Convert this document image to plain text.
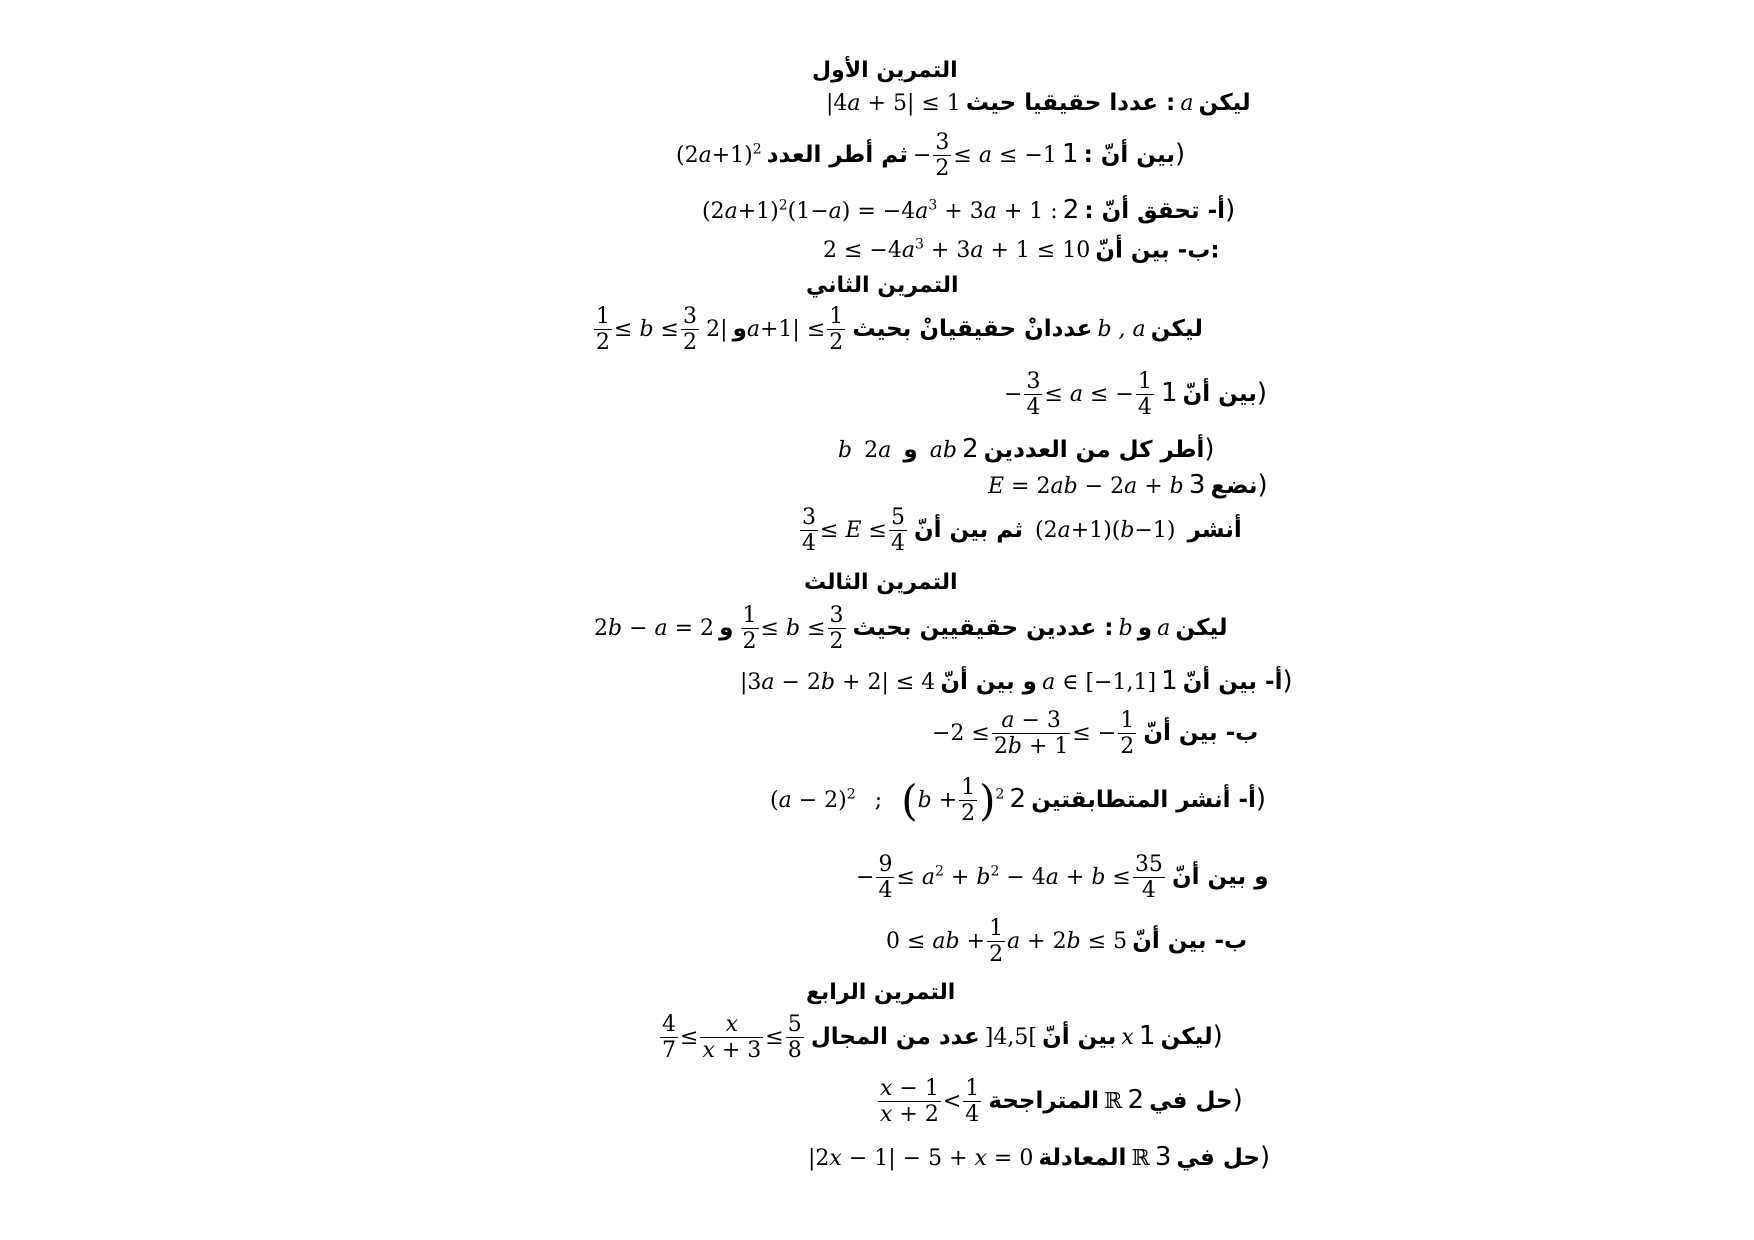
التمرين الأول
|4a + 5| ≤ 1 عددا حقيقيا حيث : a ليكن
$(2a+1)^2$ ثم أطر العدد − $\frac{3}{2} \le a \le -1$ بين أنّ : 1)
$(2a+1)^2(1-a) = -4a^3 + 3a + 1$ : أ- تحقق أنّ : 2)
$2 \le -4a^3 + 3a + 1 \le 10$ ب- بين أنّ:
التمرين الثاني
$\frac{1}{2} \le b \le \frac{3}{2}$ و |2 $a+1| \le \frac{1}{2}$ عددانْ حقيقيانْ بحيث b , a ليكن
− $\frac{3}{4} \le a$ ≤ − $\frac{1}{4}$ بين أنّ 1)
b  2a و  ab أطر كل من العددين 2)
E = 2ab − 2a + b نضع 3)
$\frac{3}{4} \le E \le \frac{5}{4}$ ثم بين أنّ  (2a+1)(b−1)  أنشر
التمرين الثالث
2b − a = 2 و $\frac{1}{2} \le b \le \frac{3}{2}$ عددين حقيقيين بحيث : b و a ليكن
|3a − 2b + 2| ≤ 4 و بين أنّ a ∈ [−1,1] أ- بين أنّ 1)
$-2 \le \frac{a - 3}{2b + 1}$ ≤ − $\frac{1}{2}$ ب- بين أنّ
$(a - 2)^2$   ;   $(b + \frac{1}{2} )^2$ أ- أنشر المتطابقتين 2)
− $\frac{9}{4} \le a^2 + b^2 - 4a + b \le \frac{35}{4}$ و بين أنّ
0 ≤ ab + $\frac{1}{2}$ a + 2b ≤ 5 ب- بين أنّ
التمرين الرابع
$\frac{4}{7} \le \frac{x}{x + 3} \le \frac{5}{8}$	بين أنّ ]4,5[ عدد من المجال	x ليكن 1)
$\frac{x - 1}{x + 2} < \frac{1}{4}$ المتراجحة ℝ حل في 2)
|2x − 1| − 5 + x = 0 المعادلة ℝ حل في 3)
